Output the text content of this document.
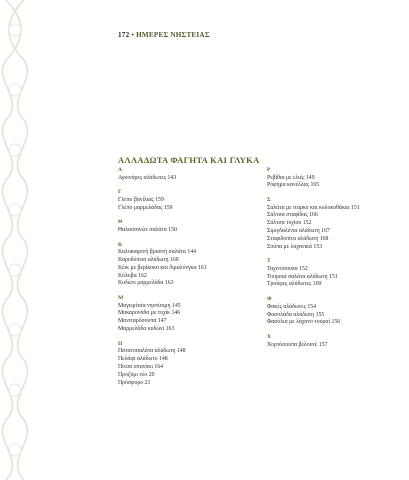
172 • ΗΜΕΡΕΣ ΝΗΣΤΕΙΑΣ
ΑΛΛΑΔΩΤΑ ΦΑΓΗΤΑ ΚΑΙ ΓΛΥΚΑ
Α
Αγκινάρες αλάδωτες 143
Γ
Γλέπο βανίλιας 159
Γλέπο μαρμελάδας 159
Θ
Θαλασσινών σαλάτα 150
Κ
Καλοκαιρινή βραστή σαλάτα 144
Καρυδόπιτα αλάδωτη 160
Κέικ με βερίκοκα και διμαλόνγκα 161
Κόλυβα 162
Κυδώνι μαρμελάδα 163
Μ
Μαγειρίτσα νηστίσιμη 145
Μακαρονάδα με τυχίκ 146
Μανιταρόσουπα 147
Μαρμελάδα κυδώνι 163
Π
Πατατοσαλάτα αλάδωτη 148
Πελάφι αλάδωτο 148
Πίτσα σπανάκι 164
Προζύμι νέο 20
Πρόσφορο 21
Ρ
Ρεβίθια με ελιές 149
Ρόφημα κανέλλας 165
Σ
Σαλάτα με ιταρκο και κολοκυθάκια 151
Σάλτσα σταφίδας 166
Σάλτσα τυχίου 152
Σιμιγδαλένια αλάδωτη 167
Σταφιδοπίτα αλάδωτη 168
Σούπα με λαχανικά 153
Τ
Ταχινόσουπα 152
Τουρσιά σαλάτα αλάδωτη 151
Τρούφες αλάδωτες 169
Φ
Φακές αλάδωτες 154
Φασολάδα αλάδωτη 155
Φασόλια με λάχανο τουρσί 156
Χ
Χορτόσουπα βελουτέ 157
